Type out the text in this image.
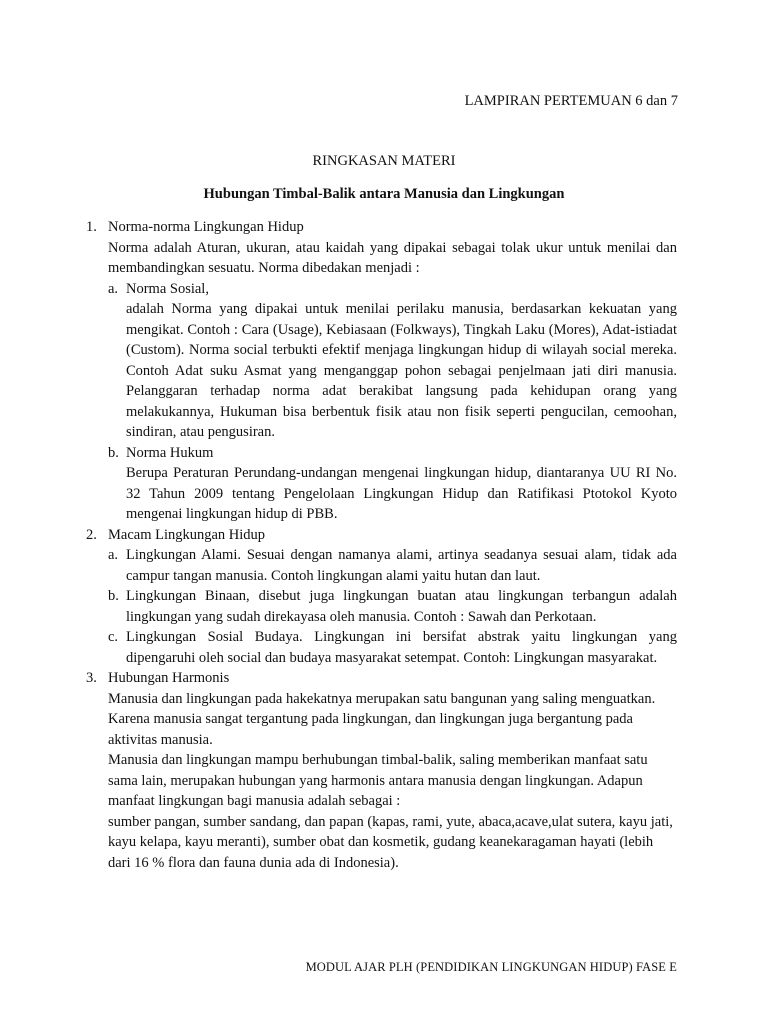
LAMPIRAN PERTEMUAN 6 dan 7
RINGKASAN MATERI
Hubungan Timbal-Balik antara Manusia dan Lingkungan
1. Norma-norma Lingkungan Hidup

Norma adalah Aturan, ukuran, atau kaidah yang dipakai sebagai tolak ukur untuk menilai dan membandingkan sesuatu. Norma dibedakan menjadi :

a. Norma Sosial,

adalah Norma yang dipakai untuk menilai perilaku manusia, berdasarkan kekuatan yang mengikat. Contoh : Cara (Usage), Kebiasaan (Folkways), Tingkah Laku (Mores), Adat-istiadat (Custom). Norma social terbukti efektif menjaga lingkungan hidup di wilayah social mereka. Contoh Adat suku Asmat yang menganggap pohon sebagai penjelmaan jati diri manusia. Pelanggaran terhadap norma adat berakibat langsung pada kehidupan orang yang melakukannya, Hukuman bisa berbentuk fisik atau non fisik seperti pengucilan, cemoohan, sindiran, atau pengusiran.

b. Norma Hukum

Berupa Peraturan Perundang-undangan mengenai lingkungan hidup, diantaranya UU RI No. 32 Tahun 2009 tentang Pengelolaan Lingkungan Hidup dan Ratifikasi Ptotokol Kyoto mengenai lingkungan hidup di PBB.

2. Macam Lingkungan Hidup

a. Lingkungan Alami. Sesuai dengan namanya alami, artinya seadanya sesuai alam, tidak ada campur tangan manusia. Contoh lingkungan alami yaitu hutan dan laut.

b. Lingkungan Binaan, disebut juga lingkungan buatan atau lingkungan terbangun adalah lingkungan yang sudah direkayasa oleh manusia. Contoh : Sawah dan Perkotaan.

c. Lingkungan Sosial Budaya. Lingkungan ini bersifat abstrak yaitu lingkungan yang dipengaruhi oleh social dan budaya masyarakat setempat. Contoh: Lingkungan masyarakat.

3. Hubungan Harmonis

Manusia dan lingkungan pada hakekatnya merupakan satu bangunan yang saling menguatkan. Karena manusia sangat tergantung pada lingkungan, dan lingkungan juga bergantung pada aktivitas manusia.

Manusia dan lingkungan mampu berhubungan timbal-balik, saling memberikan manfaat satu sama lain, merupakan hubungan yang harmonis antara manusia dengan lingkungan. Adapun manfaat lingkungan bagi manusia adalah sebagai :

sumber pangan, sumber sandang, dan papan (kapas, rami, yute, abaca,acave,ulat sutera, kayu jati, kayu kelapa, kayu meranti), sumber obat dan kosmetik, gudang keanekaragaman hayati (lebih dari 16 % flora dan fauna dunia ada di Indonesia).

MODUL AJAR PLH (PENDIDIKAN LINGKUNGAN HIDUP) FASE E
